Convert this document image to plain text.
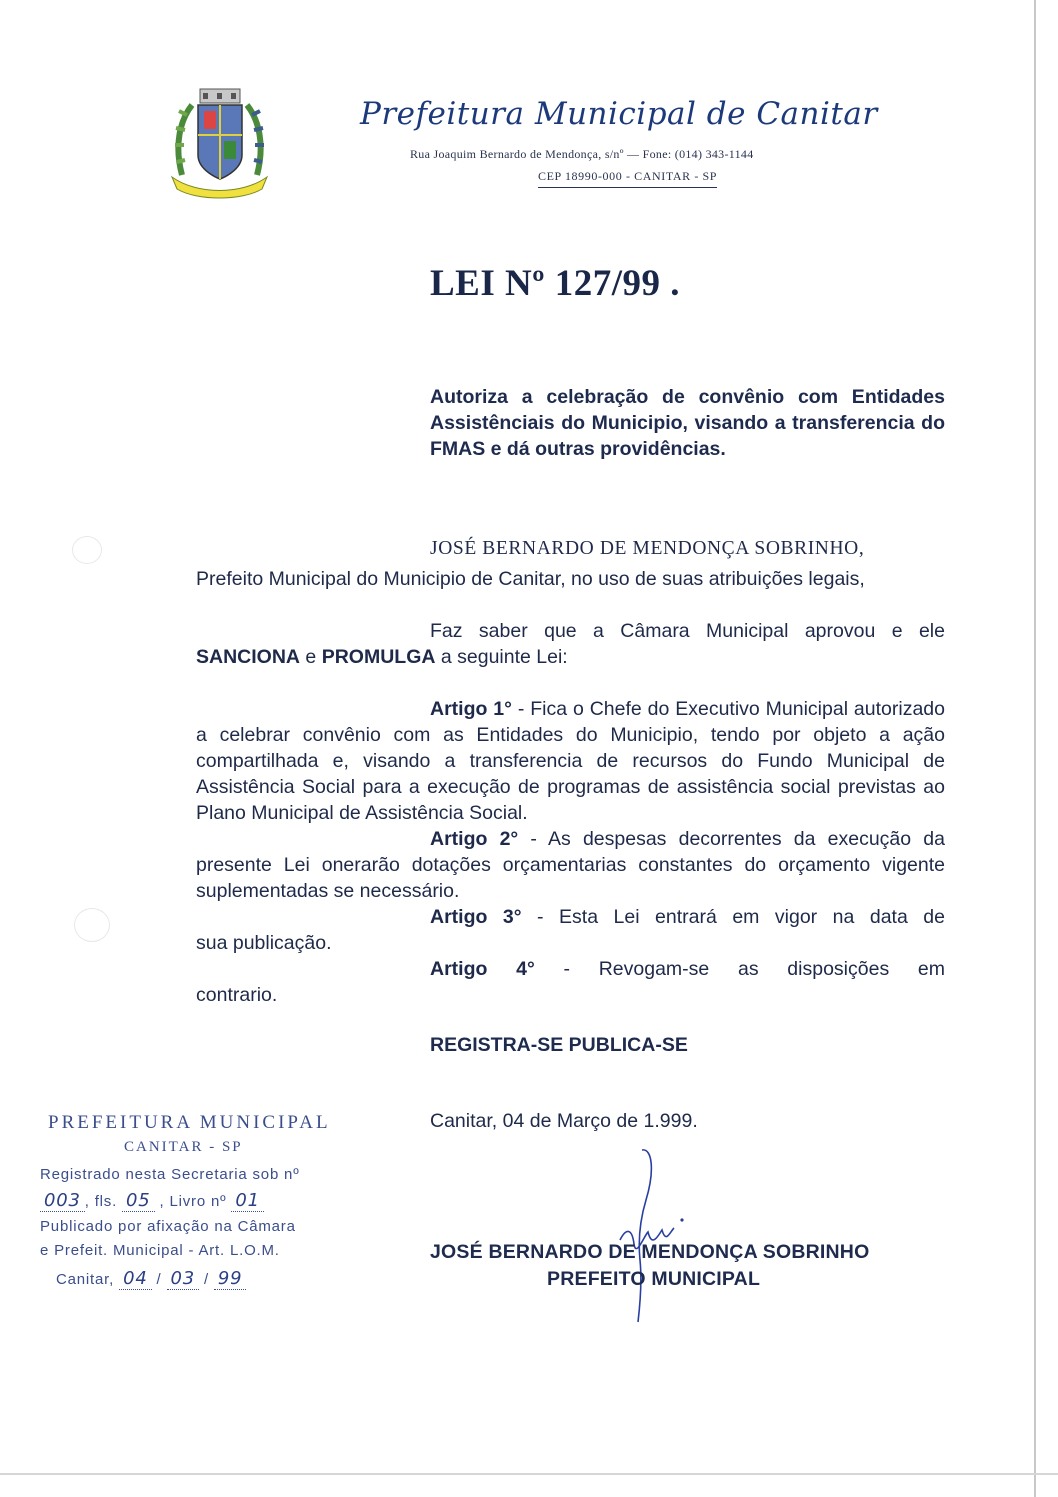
Prefeitura Municipal de Canitar
Rua Joaquim Bernardo de Mendonça, s/nº — Fone: (014) 343-1144
CEP 18990-000 - CANITAR - SP
LEI Nº 127/99 .
Autoriza a celebração de convênio com Entidades Assistênciais do Municipio, visando a transferencia do FMAS e dá outras providências.
JOSÉ BERNARDO DE MENDONÇA SOBRINHO,
Prefeito Municipal do Municipio de Canitar, no uso de suas atribuições legais,
Faz saber que a Câmara Municipal aprovou e ele SANCIONA e PROMULGA a seguinte Lei:
Artigo 1° - Fica o Chefe do Executivo Municipal autorizado a celebrar convênio com as Entidades do Municipio, tendo por objeto a ação compartilhada e, visando a transferencia de recursos do Fundo Municipal de Assistência Social para a execução de programas de assistência social previstas ao Plano Municipal de Assistência Social.
Artigo 2° - As despesas decorrentes da execução da presente Lei onerarão dotações orçamentarias constantes do orçamento vigente suplementadas se necessário.
Artigo 3° - Esta Lei entrará em vigor na data de
sua publicação.
Artigo 4° - Revogam-se as disposições em
contrario.
REGISTRA-SE PUBLICA-SE
Canitar, 04 de Março de 1.999.
JOSÉ BERNARDO DE MENDONÇA SOBRINHO
PREFEITO MUNICIPAL
PREFEITURA MUNICIPAL
CANITAR - SP
Registrado nesta Secretaria sob nº
003 , fls. 05 , Livro nº 01
Publicado por afixação na Câmara
e Prefeit. Municipal - Art. L.O.M.
Canitar, 04 / 03 / 99
